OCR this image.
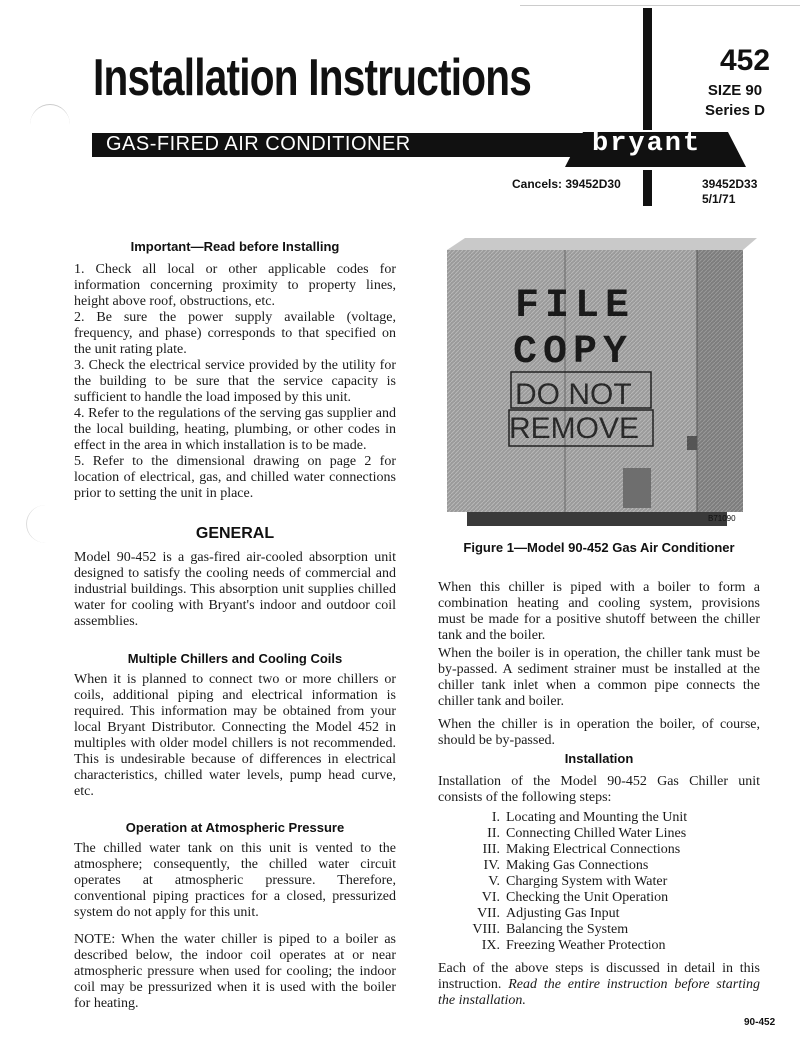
Installation Instructions	452
SIZE 90
Series D
GAS-FIRED AIR CONDITIONER	bryant
Cancels: 39452D30	39452D33
5/1/71
Important—Read before Installing

1. Check all local or other applicable codes for information concerning proximity to property lines, height above roof, obstructions, etc.

2. Be sure the power supply available (voltage, frequency, and phase) corresponds to that specified on the unit rating plate.

3. Check the electrical service provided by the utility for the building to be sure that the service capacity is sufficient to handle the load imposed by this unit.

4. Refer to the regulations of the serving gas supplier and the local building, heating, plumbing, or other codes in effect in the area in which installation is to be made.

5. Refer to the dimensional drawing on page 2 for location of electrical, gas, and chilled water connections prior to setting the unit in place.

GENERAL

Model 90-452 is a gas-fired air-cooled absorption unit designed to satisfy the cooling needs of commercial and industrial buildings. This absorption unit supplies chilled water for cooling with Bryant's indoor and outdoor coil assemblies.

Multiple Chillers and Cooling Coils

When it is planned to connect two or more chillers or coils, additional piping and electrical information is required. This information may be obtained from your local Bryant Distributor. Connecting the Model 452 in multiples with older model chillers is not recommended. This is undesirable because of differences in electrical characteristics, chilled water levels, pump head curve, etc.

Operation at Atmospheric Pressure

The chilled water tank on this unit is vented to the atmosphere; consequently, the chilled water circuit operates at atmospheric pressure. Therefore, conventional piping practices for a closed, pressurized system do not apply for this unit.

NOTE: When the water chiller is piped to a boiler as described below, the indoor coil operates at or near atmospheric pressure when used for cooling; the indoor coil may be pressurized when it is used with the boiler for heating.

FILE
COPY
DO NOT
REMOVE
B71090
Figure 1—Model 90-452 Gas Air Conditioner

When this chiller is piped with a boiler to form a combination heating and cooling system, provisions must be made for a positive shutoff between the chiller tank and the boiler.

When the boiler is in operation, the chiller tank must be by-passed. A sediment strainer must be installed at the chiller tank inlet when a common pipe connects the chiller tank and boiler.

When the chiller is in operation the boiler, of course, should be by-passed.

Installation

Installation of the Model 90-452 Gas Chiller unit consists of the following steps:

I. Locating and Mounting the Unit
II. Connecting Chilled Water Lines
III. Making Electrical Connections
IV. Making Gas Connections
V. Charging System with Water
VI. Checking the Unit Operation
VII. Adjusting Gas Input
VIII. Balancing the System
IX. Freezing Weather Protection

Each of the above steps is discussed in detail in this instruction. Read the entire instruction before starting the installation.

90-452
